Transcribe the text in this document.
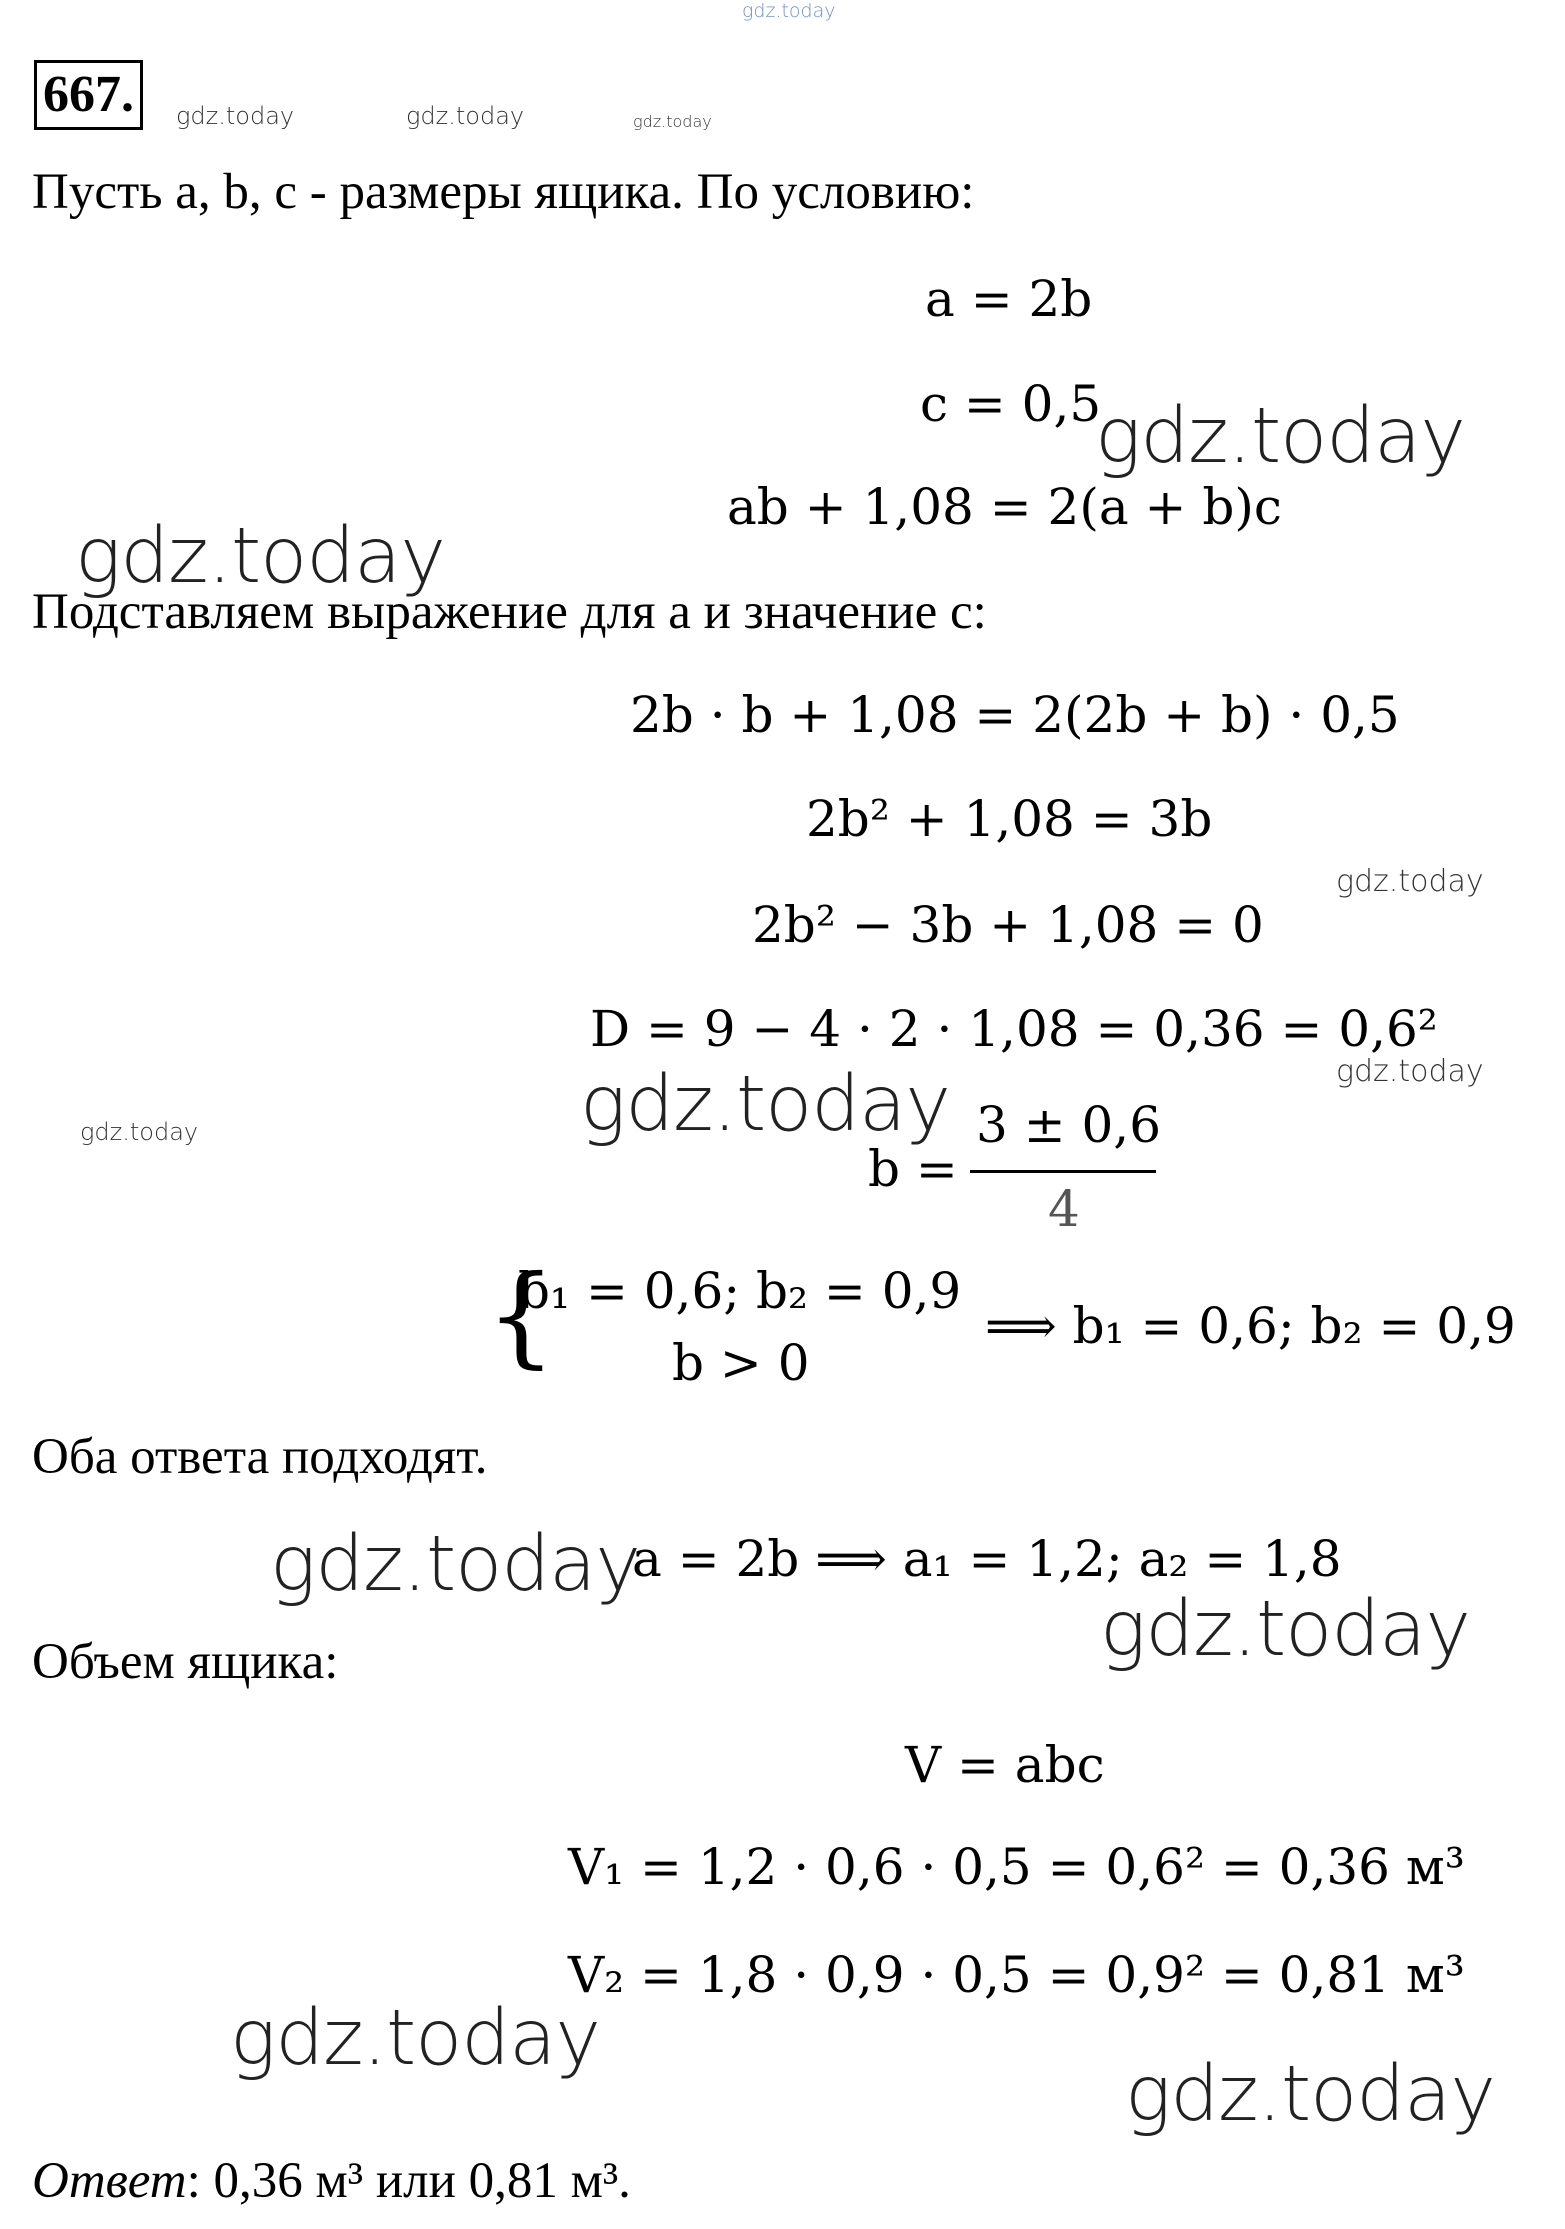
gdz.today
667.	gdz.today	gdz.today	gdz.today
Пусть a, b, c - размеры ящика. По условию:
a = 2b
c = 0,5
gdz.today
ab + 1,08 = 2(a + b)c
gdz.today
Подставляем выражение для a и значение c:
2b · b + 1,08 = 2(2b + b) · 0,5
2b² + 1,08 = 3b
gdz.today
2b² − 3b + 1,08 = 0
D = 9 − 4 · 2 · 1,08 = 0,36 = 0,6²
gdz.today
gdz.today
gdz.today
b =
3 ± 0,6
4
{
b₁ = 0,6; b₂ = 0,9
b > 0
⟹ b₁ = 0,6; b₂ = 0,9
Оба ответа подходят.
gdz.today
a = 2b ⟹ a₁ = 1,2; a₂ = 1,8
gdz.today
Объем ящика:
V = abc
V₁ = 1,2 · 0,6 · 0,5 = 0,6² = 0,36 м³
V₂ = 1,8 · 0,9 · 0,5 = 0,9² = 0,81 м³
gdz.today
gdz.today
Ответ: 0,36 м³ или 0,81 м³.
